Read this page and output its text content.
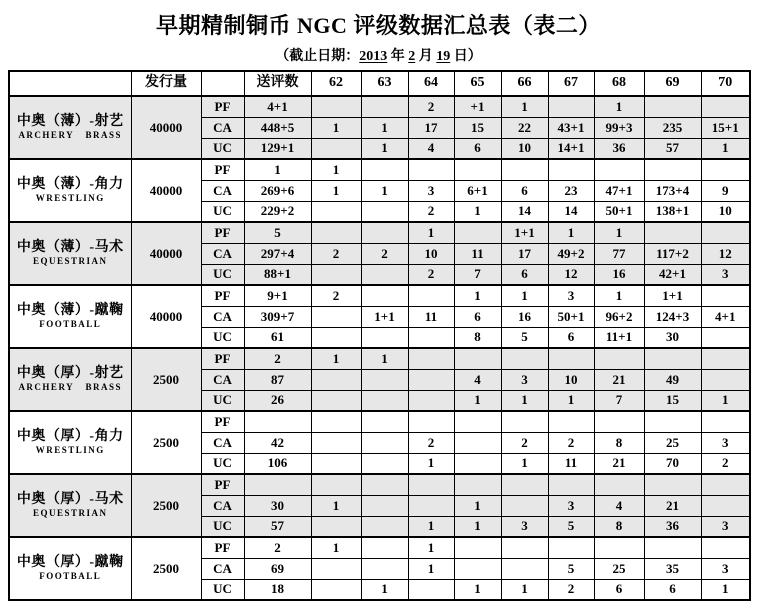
早期精制铜币 NGC 评级数据汇总表（表二）
（截止日期：2013 年 2 月 19 日）
	发行量		送评数	62	63	64	65	66	67	68	69	70

中奥（薄）-射艺
ARCHERY BRASS	40000	PF	4+1			2	+1	1		1		
		CA	448+5	1	1	17	15	22	43+1	99+3	235	15+1
		UC	129+1		1	4	6	10	14+1	36	57	1

中奥（薄）-角力
WRESTLING	40000	PF	1	1								
		CA	269+6	1	1	3	6+1	6	23	47+1	173+4	9
		UC	229+2			2	1	14	14	50+1	138+1	10

中奥（薄）-马术
EQUESTRIAN	40000	PF	5			1		1+1	1	1		
		CA	297+4	2	2	10	11	17	49+2	77	117+2	12
		UC	88+1			2	7	6	12	16	42+1	3

中奥（薄）-蹴鞠
FOOTBALL	40000	PF	9+1	2			1	1	3	1	1+1	
		CA	309+7		1+1	11	6	16	50+1	96+2	124+3	4+1
		UC	61				8	5	6	11+1	30	

中奥（厚）-射艺
ARCHERY BRASS	2500	PF	2	1	1							
		CA	87				4	3	10	21	49	
		UC	26				1	1	1	7	15	1

中奥（厚）-角力
WRESTLING	2500	PF										
		CA	42			2		2	2	8	25	3
		UC	106			1		1	11	21	70	2

中奥（厚）-马术
EQUESTRIAN	2500	PF										
		CA	30	1			1		3	4	21	
		UC	57			1	1	3	5	8	36	3

中奥（厚）-蹴鞠
FOOTBALL	2500	PF	2	1		1						
		CA	69			1			5	25	35	3
		UC	18		1		1	1	2	6	6	1
